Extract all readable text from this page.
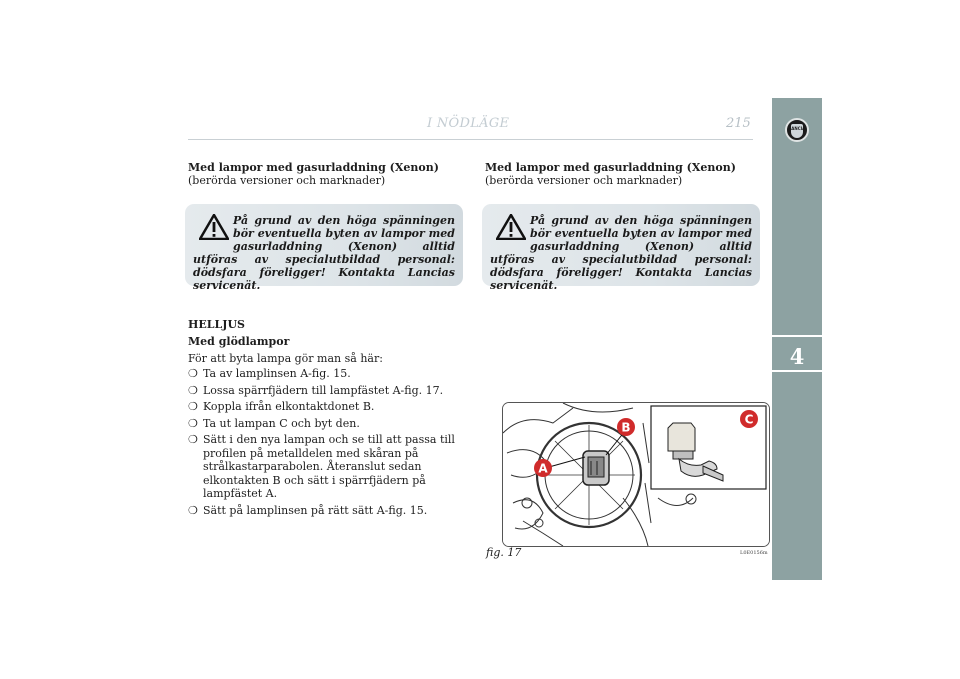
I NÖDLÄGE	215	LANCIA
4

Med lampor med gasurladdning (Xenon)

(berörda versioner och marknader)

På grund av den höga spänningen bör eventuella byten av lampor med gasurladdning (Xenon) alltid utföras av specialutbildad personal: dödsfara föreligger! Kontakta Lancias servicenät.
HELLJUS
Med glödlampor
För att byta lampa gör man så här:
❍ Ta av lamplinsen A-fig. 15.
❍ Lossa spärrfjädern till lampfästet A-fig. 17.
❍ Koppla ifrån elkontaktdonet B.
❍ Ta ut lampan C och byt den.
❍ Sätt i den nya lampan och se till att passa till profilen på metalldelen med skåran på strålkastarparabolen. Återanslut sedan elkontakten B och sätt i spärrfjädern på lampfästet A.
❍ Sätt på lamplinsen på rätt sätt A-fig. 15.

Med lampor med gasurladdning (Xenon)

(berörda versioner och marknader)

På grund av den höga spänningen bör eventuella byten av lampor med gasurladdning (Xenon) alltid utföras av specialutbildad personal: dödsfara föreligger! Kontakta Lancias servicenät.
A
B
C
fig. 17	L0E0156m
